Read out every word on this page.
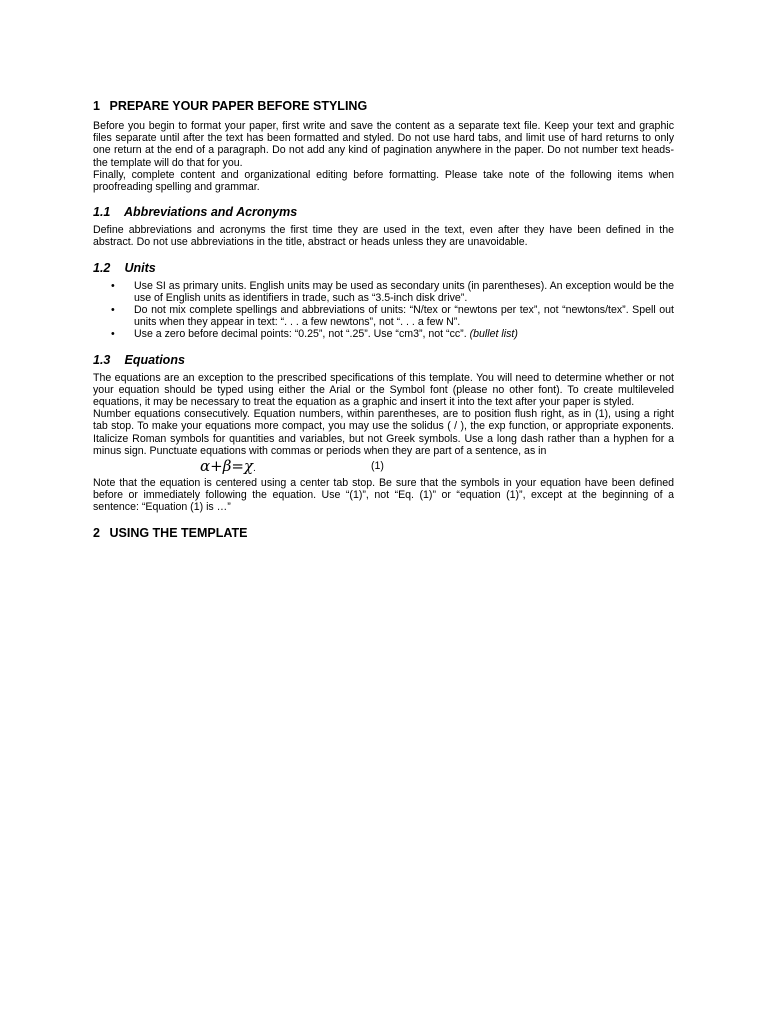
1 PREPARE YOUR PAPER BEFORE STYLING

Before you begin to format your paper, first write and save the content as a separate text file. Keep your text and graphic files separate until after the text has been formatted and styled. Do not use hard tabs, and limit use of hard returns to only one return at the end of a paragraph. Do not add any kind of pagination anywhere in the paper. Do not number text heads-the template will do that for you.

Finally, complete content and organizational editing before formatting. Please take note of the following items when proofreading spelling and grammar.

1.1 Abbreviations and Acronyms

Define abbreviations and acronyms the first time they are used in the text, even after they have been defined in the abstract. Do not use abbreviations in the title, abstract or heads unless they are unavoidable.

1.2 Units
• Use SI as primary units. English units may be used as secondary units (in parentheses). An exception would be the use of English units as identifiers in trade, such as “3.5-inch disk drive”.
• Do not mix complete spellings and abbreviations of units: “N/tex or “newtons per tex”, not “newtons/tex”. Spell out units when they appear in text: “. . . a few newtons”, not “. . . a few N”.
• Use a zero before decimal points: “0.25”, not “.25”. Use “cm3”, not “cc”. (bullet list)
1.3 Equations

The equations are an exception to the prescribed specifications of this template. You will need to determine whether or not your equation should be typed using either the Arial or the Symbol font (please no other font). To create multileveled equations, it may be necessary to treat the equation as a graphic and insert it into the text after your paper is styled.

Number equations consecutively. Equation numbers, within parentheses, are to position flush right, as in (1), using a right tab stop. To make your equations more compact, you may use the solidus ( / ), the exp function, or appropriate exponents. Italicize Roman symbols for quantities and variables, but not Greek symbols. Use a long dash rather than a hyphen for a minus sign. Punctuate equations with commas or periods when they are part of a sentence, as in

α+β=χ.	(1)

Note that the equation is centered using a center tab stop. Be sure that the symbols in your equation have been defined before or immediately following the equation. Use “(1)”, not “Eq. (1)” or “equation (1)”, except at the beginning of a sentence: “Equation (1) is …”

2 USING THE TEMPLATE
